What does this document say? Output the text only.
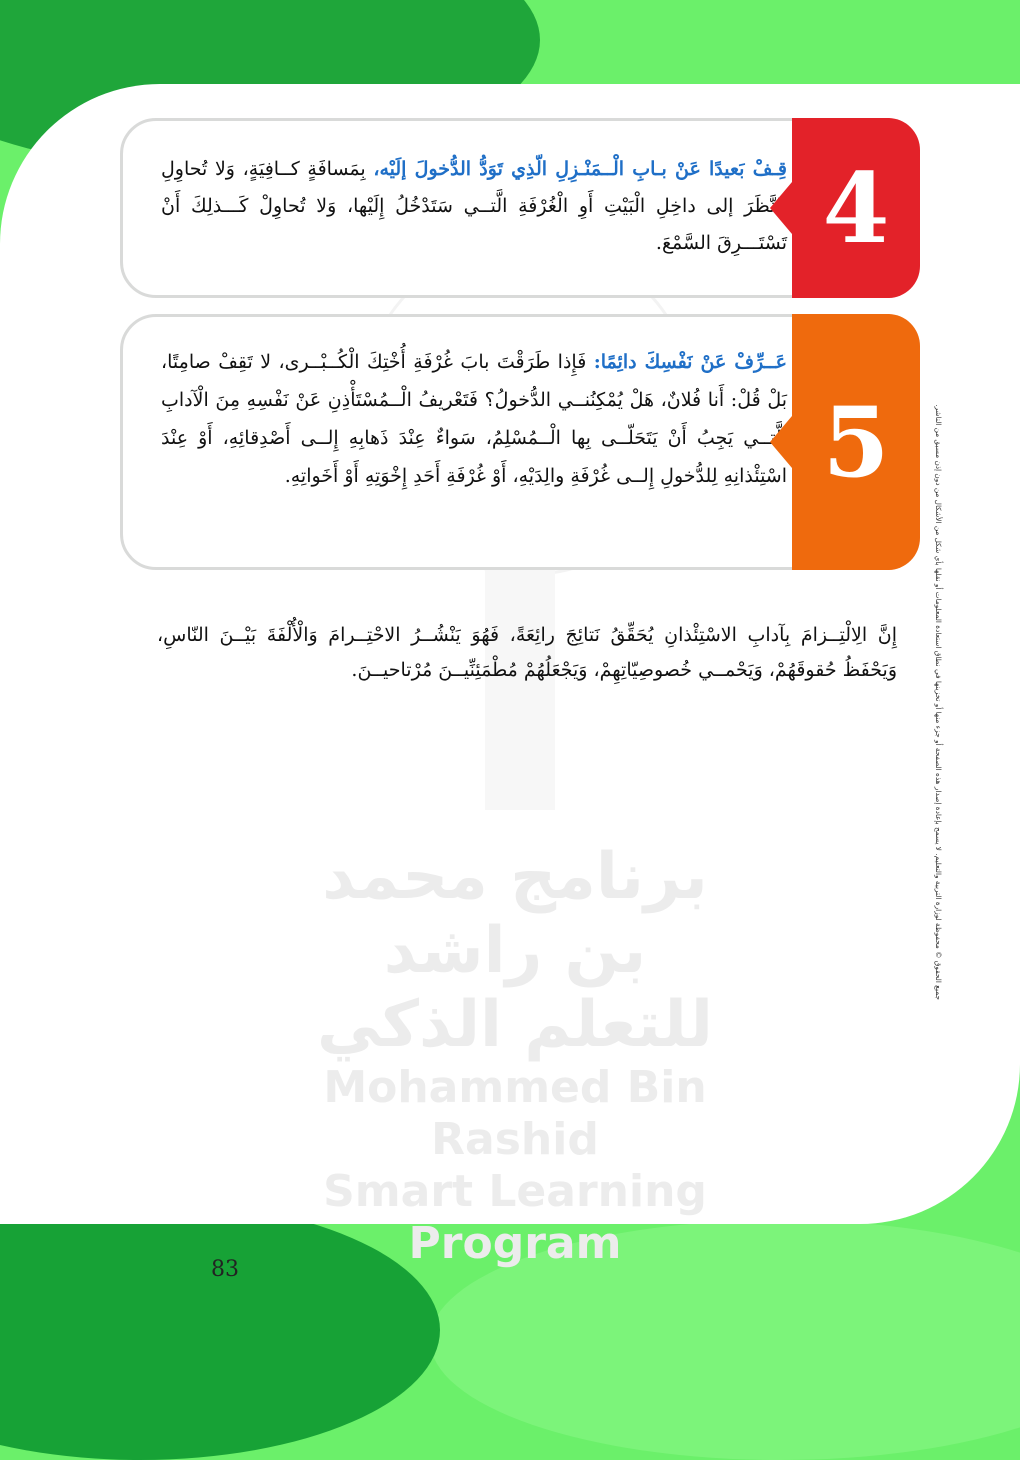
برنامج محمد بن راشد
للتعلم الذكي
Mohammed Bin Rashid
Smart Learning Program
قِـفْ بَعيدًا عَنْ بـابِ الْــمَنْـزِلِ الّذِي تَوَدُّ الدُّخولَ إلَيْه، بِمَسافَةٍ كــافِيَةٍ، وَلا تُحاوِلِ النَّظَرَ إلى داخِلِ الْبَيْتِ أَوِ الْغُرْفَةِ الَّتــي سَتَدْخُلُ إِلَيْها، وَلا تُحاوِلْ كَـــذلِكَ أَنْ تَسْتَـــرِقَ السَّمْعَ. 4
عَــرِّفْ عَنْ نَفْسِكَ دائِمًا: فَإِذا طَرَقْتَ بابَ غُرْفَةِ أُخْتِكَ الْكُــبْــرى، لا تَقِفْ صامِتًا، بَلْ قُلْ: أَنا فُلانٌ، هَلْ يُمْكِنُنــي الدُّخولُ؟ فَتَعْريفُ الْــمُسْتَأْذِنِ عَنْ نَفْسِهِ مِنَ الْآدابِ الَّتــي يَجِبُ أَنْ يَتَحَلّــى بِها الْــمُسْلِمُ، سَواءٌ عِنْدَ ذَهابِهِ إِلــى أَصْدِقائِهِ، أَوْ عِنْدَ اسْتِئْذانِهِ لِلدُّخولِ إِلــى غُرْفَةِ والِدَيْهِ، أَوْ غُرْفَةِ أَحَدِ إِخْوَتِهِ أَوْ أَخَواتِهِ. 5
إِنَّ الِالْتِــزامَ بِآدابِ الاسْتِئْذانِ يُحَقِّقُ نَتائِجَ رائِعَةً، فَهُوَ يَنْشُــرُ الاحْتِــرامَ وَالْأُلْفَةَ بَيْــنَ النّاسِ، وَيَحْفَظُ حُقوقَهُمْ، وَيَحْمــي خُصوصِيّاتِهِمْ، وَيَجْعَلُهُمْ مُطْمَئِنِّيــنَ مُرْتاحيــنَ.	جميع الحقوق © محفوظة لوزارة التربية والتعليم. لا يسمح بإعادة إصدار هذه الصفحة أو جزء منها أو تخزينها في نطاق استعادة المعلومات أو نقلها بأي شكل من الأشكال من دون إذن مسبق من الناشر.
83
